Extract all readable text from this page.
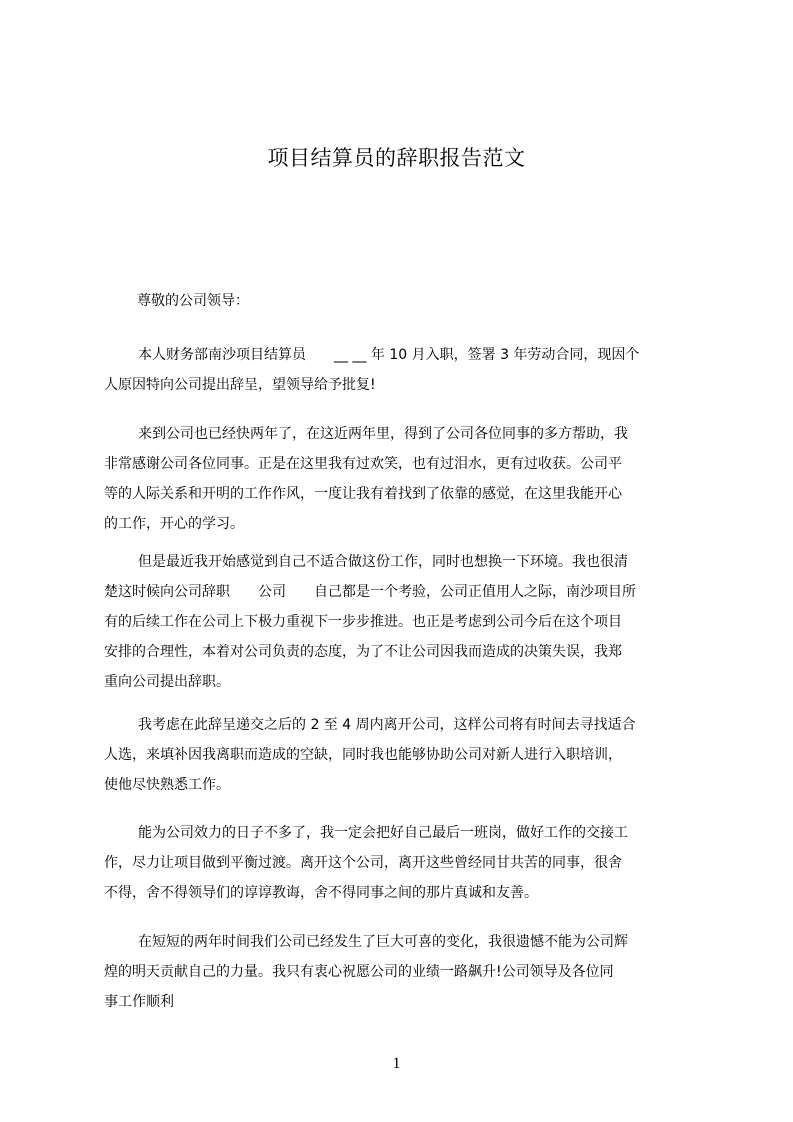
项目结算员的辞职报告范文

尊敬的公司领导：

本人财务部南沙项目结算员　　__ __ 年 10 月入职，签署 3 年劳动合同，现因个
人原因特向公司提出辞呈，望领导给予批复!
来到公司也已经快两年了，在这近两年里，得到了公司各位同事的多方帮助，我
非常感谢公司各位同事。正是在这里我有过欢笑，也有过泪水，更有过收获。公司平
等的人际关系和开明的工作作风，一度让我有着找到了依靠的感觉，在这里我能开心
的工作，开心的学习。
但是最近我开始感觉到自己不适合做这份工作，同时也想换一下环境。我也很清
楚这时候向公司辞职　　公司　　自己都是一个考验，公司正值用人之际，南沙项目所
有的后续工作在公司上下极力重视下一步步推进。也正是考虑到公司今后在这个项目
安排的合理性，本着对公司负责的态度，为了不让公司因我而造成的决策失误，我郑
重向公司提出辞职。
我考虑在此辞呈递交之后的 2 至 4 周内离开公司，这样公司将有时间去寻找适合
人选，来填补因我离职而造成的空缺，同时我也能够协助公司对新人进行入职培训，
使他尽快熟悉工作。
能为公司效力的日子不多了，我一定会把好自己最后一班岗，做好工作的交接工
作，尽力让项目做到平衡过渡。离开这个公司，离开这些曾经同甘共苦的同事，很舍
不得，舍不得领导们的谆谆教诲，舍不得同事之间的那片真诚和友善。
在短短的两年时间我们公司已经发生了巨大可喜的变化，我很遗憾不能为公司辉
煌的明天贡献自己的力量。我只有衷心祝愿公司的业绩一路飙升!公司领导及各位同
事工作顺利
1
